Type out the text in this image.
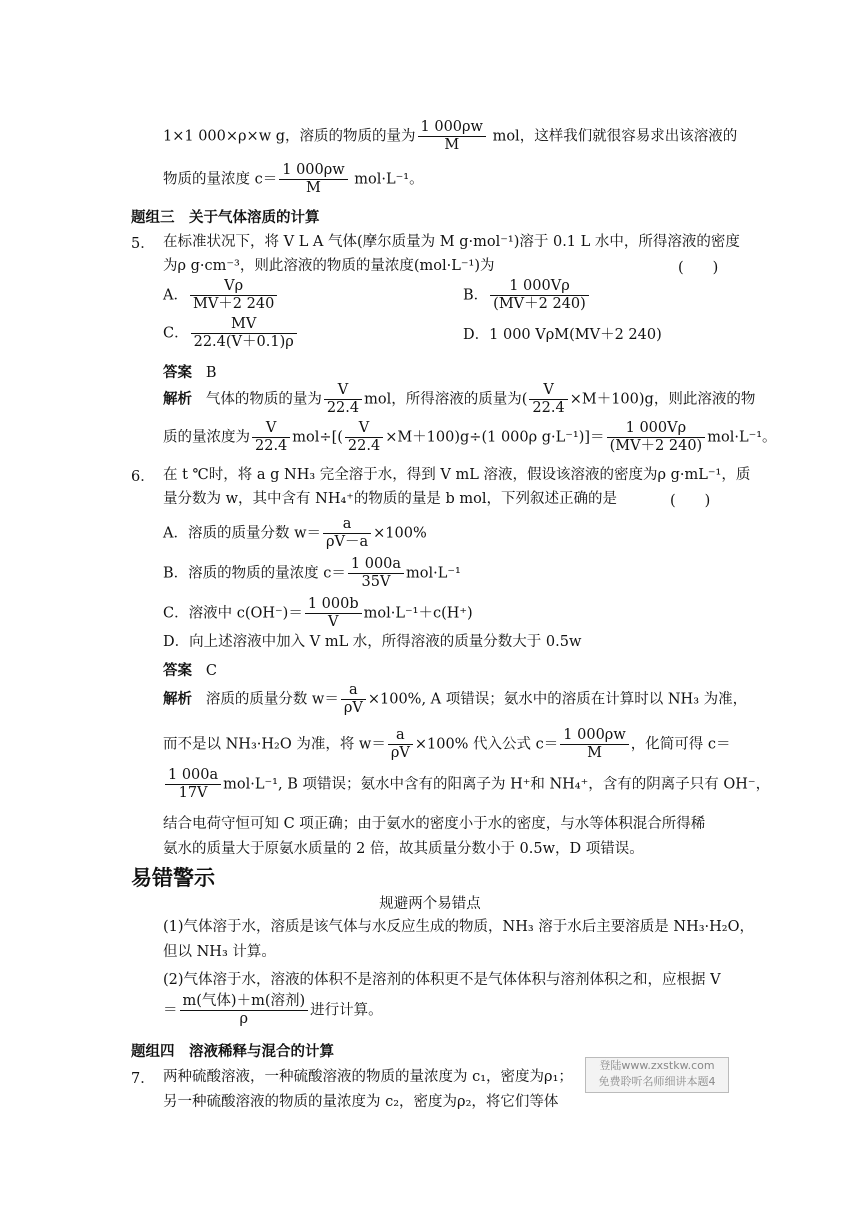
1×1 000×ρ×w g，溶质的物质的量为 $\frac{1 000\rho w}{M}$ mol，这样我们就很容易求出该溶液的
物质的量浓度 $c= \frac{1 000\rho w}{M} mol\cdot L^{-1}$。
题组三　关于气体溶质的计算
5． 在标准状况下，将 V L A 气体(摩尔质量为 M g·mol⁻¹)溶于 0.1 L 水中，所得溶液的密度
为ρ g·cm⁻³，则此溶液的物质的量浓度(mol·L⁻¹)为	(　　)
A． $\frac{V\rho}{MV+2 240}$	B． $\frac{1 000V\rho}{(MV+2 240)}$
C． $\frac{MV}{22.4(V+0.1)\rho}$	D．1 000 VρM(MV＋2 240)
答案 B
解析 气体的物质的量为 $\frac{V}{22.4}$ mol，所得溶液的质量为( $\frac{V}{22.4} \times M+100)g$，则此溶液的物
质的量浓度为 $\frac{V}{22.4} mol\div[( \frac{V}{22.4} \times M+100)g\div(1$ 000ρ $g\cdot L^{-1})]= \frac{1 000V\rho}{(MV+2 240)} mol\cdot L^{-1}$。
6． 在 t ℃时，将 a g NH₃ 完全溶于水，得到 V mL 溶液，假设该溶液的密度为ρ g·mL⁻¹，质
量分数为 w，其中含有 NH₄⁺的物质的量是 b mol，下列叙述正确的是	(　　)
A．溶质的质量分数 $w= \frac{a}{\rho V-a} \times 100\%$
B．溶质的物质的量浓度 $c= \frac{1 000a}{35V} mol\cdot L^{-1}$
C．溶液中 $c(OH^-)= \frac{1 000b}{V} mol\cdot L^{-1}+c(H^+)$
D．向上述溶液中加入 V mL 水，所得溶液的质量分数大于 0.5w
答案 C
解析 溶质的质量分数 $w= \frac{a}{\rho V} \times 100\%$, A 项错误；氨水中的溶质在计算时以 NH₃ 为准，
而不是以 NH₃·H₂O 为准，将 $w= \frac{a}{\rho V} \times 100\%$ 代入公式 $c= \frac{1 000\rho w}{M}$ ，化简可得 c＝
$\frac{1 000a}{17V} mol\cdot L^{-1}$, B 项错误；氨水中含有的阳离子为 H⁺和 NH₄⁺，含有的阴离子只有 OH⁻，
结合电荷守恒可知 C 项正确；由于氨水的密度小于水的密度，与水等体积混合所得稀
氨水的质量大于原氨水质量的 2 倍，故其质量分数小于 0.5w，D 项错误。
易错警示
规避两个易错点
(1)气体溶于水，溶质是该气体与水反应生成的物质，NH₃ 溶于水后主要溶质是 NH₃·H₂O，
但以 NH₃ 计算。
(2)气体溶于水，溶液的体积不是溶剂的体积更不是气体体积与溶剂体积之和，应根据 V
＝ $\frac{\text{m(气体)＋m(溶剂)}}{\rho}$ 进行计算。
题组四　溶液稀释与混合的计算
7． 两种硫酸溶液，一种硫酸溶液的物质的量浓度为 c₁，密度为ρ₁；
另一种硫酸溶液的物质的量浓度为 c₂，密度为ρ₂，将它们等体
登陆www.zxstkw.com
免费聆听名师细讲本题4
